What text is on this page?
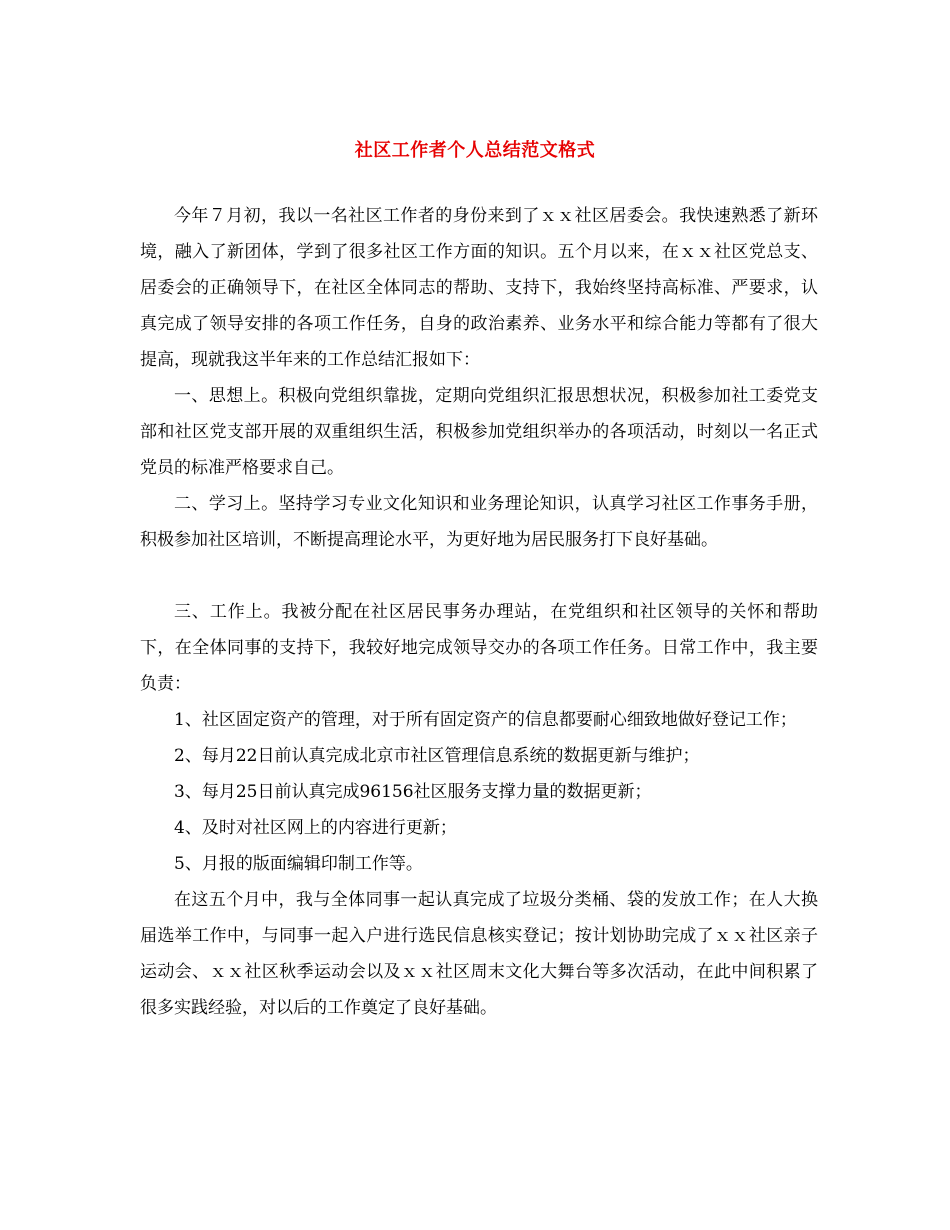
社区工作者个人总结范文格式

今年７月初，我以一名社区工作者的身份来到了ｘｘ社区居委会。我快速熟悉了新环境，融入了新团体，学到了很多社区工作方面的知识。五个月以来，在ｘｘ社区党总支、居委会的正确领导下，在社区全体同志的帮助、支持下，我始终坚持高标准、严要求，认真完成了领导安排的各项工作任务，自身的政治素养、业务水平和综合能力等都有了很大提高，现就我这半年来的工作总结汇报如下：

一、思想上。积极向党组织靠拢，定期向党组织汇报思想状况，积极参加社工委党支部和社区党支部开展的双重组织生活，积极参加党组织举办的各项活动，时刻以一名正式党员的标准严格要求自己。

二、学习上。坚持学习专业文化知识和业务理论知识，认真学习社区工作事务手册，积极参加社区培训，不断提高理论水平，为更好地为居民服务打下良好基础。

三、工作上。我被分配在社区居民事务办理站，在党组织和社区领导的关怀和帮助下，在全体同事的支持下，我较好地完成领导交办的各项工作任务。日常工作中，我主要负责：

1、社区固定资产的管理，对于所有固定资产的信息都要耐心细致地做好登记工作；

2、每月22日前认真完成北京市社区管理信息系统的数据更新与维护；

3、每月25日前认真完成96156社区服务支撑力量的数据更新；

4、及时对社区网上的内容进行更新；

5、月报的版面编辑印制工作等。

在这五个月中，我与全体同事一起认真完成了垃圾分类桶、袋的发放工作；在人大换届选举工作中，与同事一起入户进行选民信息核实登记；按计划协助完成了ｘｘ社区亲子运动会、ｘｘ社区秋季运动会以及ｘｘ社区周末文化大舞台等多次活动，在此中间积累了很多实践经验，对以后的工作奠定了良好基础。
